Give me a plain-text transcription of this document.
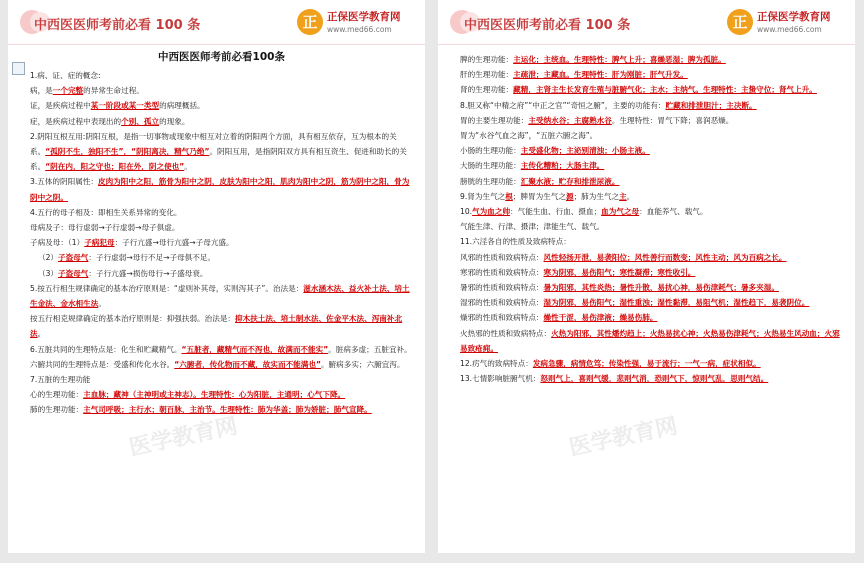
中西医医师考前必看 100 条	正 正保医学教育网
www.med66.com
中西医医师考前必看100条

1.病、证、症的概念:

病，是一个完整的异常生命过程。

证，是疾病过程中某一阶段或某一类型的病理概括。

症，是疾病过程中表现出的个别、孤立的现象。

2.阴阳互根互用:阴阳互根，是指一切事物或现象中相互对立着的阴阳两个方面，具有相互依存，互为根本的关系。“孤阴不生，独阳不生”，“阴阳离决，精气乃绝”。阴阳互用，是指阴阳双方具有相互资生、促进和助长的关系。“阴在内，阳之守也；阳在外，阴之使也”。

3.五体的阴阳属性：皮肉为阳中之阳，筋骨为阳中之阴，皮肤为阳中之阳，肌肉为阳中之阴，筋为阴中之阳，骨为阴中之阴。

4.五行的母子相及：即相生关系异常的变化。

母病及子：母行虚弱→子行虚弱→母子俱虚。

子病及母：（1）子病犯母：子行亢盛→母行亢盛→子母亢盛。

（2）子盗母气：子行虚弱→母行不足→子母俱不足。

（3）子盗母气：子行亢盛→损伤母行→子盛母衰。

5.按五行相生规律确定的基本治疗原则是：“虚则补其母，实则泻其子”。治法是：滋水涵木法、益火补土法、培土生金法、金水相生法。

按五行相克规律确定的基本治疗原则是：抑强扶弱。治法是：抑木扶土法、培土制水法、佐金平木法、泻南补北法。

6.五脏共同的生理特点是：化生和贮藏精气。“五脏者，藏精气而不泻也，故满而不能实”。脏病多虚；五脏宜补。

六腑共同的生理特点是：受盛和传化水谷。“六腑者，传化物而不藏，故实而不能满也”。腑病多实；六腑宜泻。

7.五脏的生理功能

心的生理功能：主血脉；藏神（主神明或主神志）。生理特性：心为阳脏，主通明；心气下降。

肺的生理功能：主气司呼吸；主行水；朝百脉，主治节。生理特性：肺为华盖；肺为娇脏；肺气宣降。

医学教育网
中西医医师考前必看 100 条	正 正保医学教育网
www.med66.com

脾的生理功能：主运化；主统血。生理特性：脾气上升；喜燥恶湿；脾为孤脏。

肝的生理功能：主疏泄；主藏血。生理特性：肝为刚脏；肝气升发。

肾的生理功能：藏精，主肾主生长发育生殖与脏腑气化；主水；主纳气。生理特性：主蛰守位；肾气上升。

8.胆又称“中精之府”“中正之官”“奇恒之腑”，主要的功能有：贮藏和排泄胆汁；主决断。

胃的主要生理功能：主受纳水谷；主腐熟水谷。生理特性：胃气下降；喜润恶燥。

胃为“水谷气血之海”，“五脏六腑之海”。

小肠的生理功能：主受盛化物；主泌别清浊；小肠主液。

大肠的生理功能：主传化糟粕；大肠主津。

膀胱的生理功能：汇聚水液；贮存和排泄尿液。

9.肾为生气之根；脾胃为生气之源；肺为生气之主。

10.气为血之帅：气能生血、行血、摄血；血为气之母：血能养气、载气。

气能生津、行津、摄津；津能生气、载气。

11.六淫各自的性质及致病特点：

风邪的性质和致病特点：风性轻扬开泄，易袭阳位；风性善行而数变；风性主动；风为百病之长。

寒邪的性质和致病特点：寒为阴邪，易伤阳气；寒性凝滞；寒性收引。

暑邪的性质和致病特点：暑为阳邪，其性炎热；暑性升散，易扰心神，易伤津耗气；暑多夹湿。

湿邪的性质和致病特点：湿为阴邪，易伤阳气；湿性重浊；湿性黏滞，易阻气机；湿性趋下，易袭阴位。

燥邪的性质和致病特点：燥性干涩，易伤津液；燥易伤肺。

火热邪的性质和致病特点：火热为阳邪，其性燔灼趋上；火热易扰心神；火热易伤津耗气；火热易生风动血；火邪易致疮痈。

12.疠气的致病特点：发病急骤，病情危笃；传染性强，易于流行；一气一病，症状相似。

13.七情影响脏腑气机：怒则气上，喜则气缓，悲则气消，恐则气下，惊则气乱，思则气结。

医学教育网
